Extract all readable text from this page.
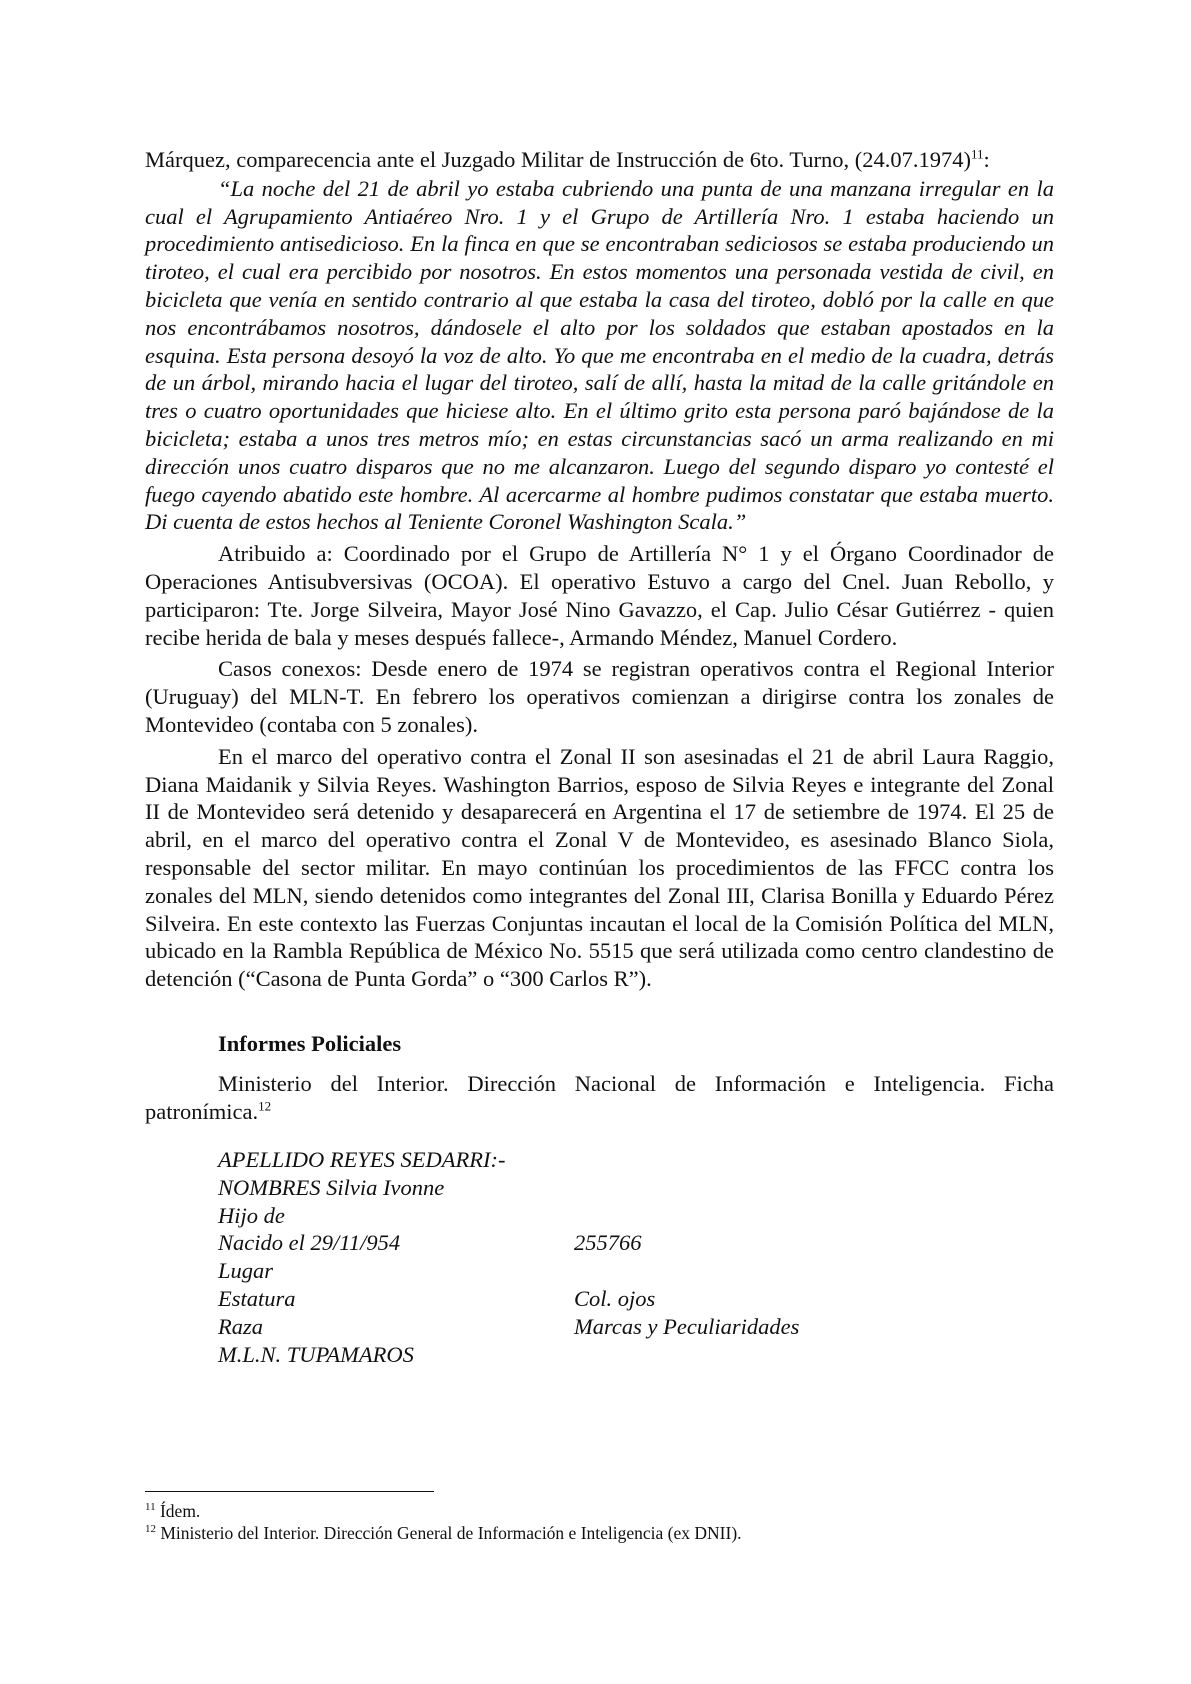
Márquez, comparecencia ante el Juzgado Militar de Instrucción de 6to. Turno, $(24.07.1974)^{11}$:

“La noche del 21 de abril yo estaba cubriendo una punta de una manzana irregular en la cual el Agrupamiento Antiaéreo Nro. 1 y el Grupo de Artillería Nro. 1 estaba haciendo un procedimiento antisedicioso. En la finca en que se encontraban sediciosos se estaba produciendo un tiroteo, el cual era percibido por nosotros. En estos momentos una personada vestida de civil, en bicicleta que venía en sentido contrario al que estaba la casa del tiroteo, dobló por la calle en que nos encontrábamos nosotros, dándosele el alto por los soldados que estaban apostados en la esquina. Esta persona desoyó la voz de alto. Yo que me encontraba en el medio de la cuadra, detrás de un árbol, mirando hacia el lugar del tiroteo, salí de allí, hasta la mitad de la calle gritándole en tres o cuatro oportunidades que hiciese alto. En el último grito esta persona paró bajándose de la bicicleta; estaba a unos tres metros mío; en estas circunstancias sacó un arma realizando en mi dirección unos cuatro disparos que no me alcanzaron. Luego del segundo disparo yo contesté el fuego cayendo abatido este hombre. Al acercarme al hombre pudimos constatar que estaba muerto. Di cuenta de estos hechos al Teniente Coronel Washington Scala.”

Atribuido a: Coordinado por el Grupo de Artillería N° 1 y el Órgano Coordinador de Operaciones Antisubversivas (OCOA). El operativo Estuvo a cargo del Cnel. Juan Rebollo, y participaron: Tte. Jorge Silveira, Mayor José Nino Gavazzo, el Cap. Julio César Gutiérrez - quien recibe herida de bala y meses después fallece-, Armando Méndez, Manuel Cordero.

Casos conexos: Desde enero de 1974 se registran operativos contra el Regional Interior (Uruguay) del MLN-T. En febrero los operativos comienzan a dirigirse contra los zonales de Montevideo (contaba con 5 zonales).

En el marco del operativo contra el Zonal II son asesinadas el 21 de abril Laura Raggio, Diana Maidanik y Silvia Reyes. Washington Barrios, esposo de Silvia Reyes e integrante del Zonal II de Montevideo será detenido y desaparecerá en Argentina el 17 de setiembre de 1974. El 25 de abril, en el marco del operativo contra el Zonal V de Montevideo, es asesinado Blanco Siola, responsable del sector militar. En mayo continúan los procedimientos de las FFCC contra los zonales del MLN, siendo detenidos como integrantes del Zonal III, Clarisa Bonilla y Eduardo Pérez Silveira. En este contexto las Fuerzas Conjuntas incautan el local de la Comisión Política del MLN, ubicado en la Rambla República de México No. 5515 que será utilizada como centro clandestino de detención (“Casona de Punta Gorda” o “300 Carlos R”).

Informes Policiales

Ministerio del Interior. Dirección Nacional de Información e Inteligencia. Ficha patronímica.$^{12}$

APELLIDO REYES SEDARRI:-
NOMBRES Silvia Ivonne
Hijo de
Nacido el 29/11/954	255766
Lugar
Estatura	Col. ojos
Raza	Marcas y Peculiaridades
M.L.N. TUPAMAROS
$^{11}$ Ídem.
$^{12}$ Ministerio del Interior. Dirección General de Información e Inteligencia (ex DNII).
